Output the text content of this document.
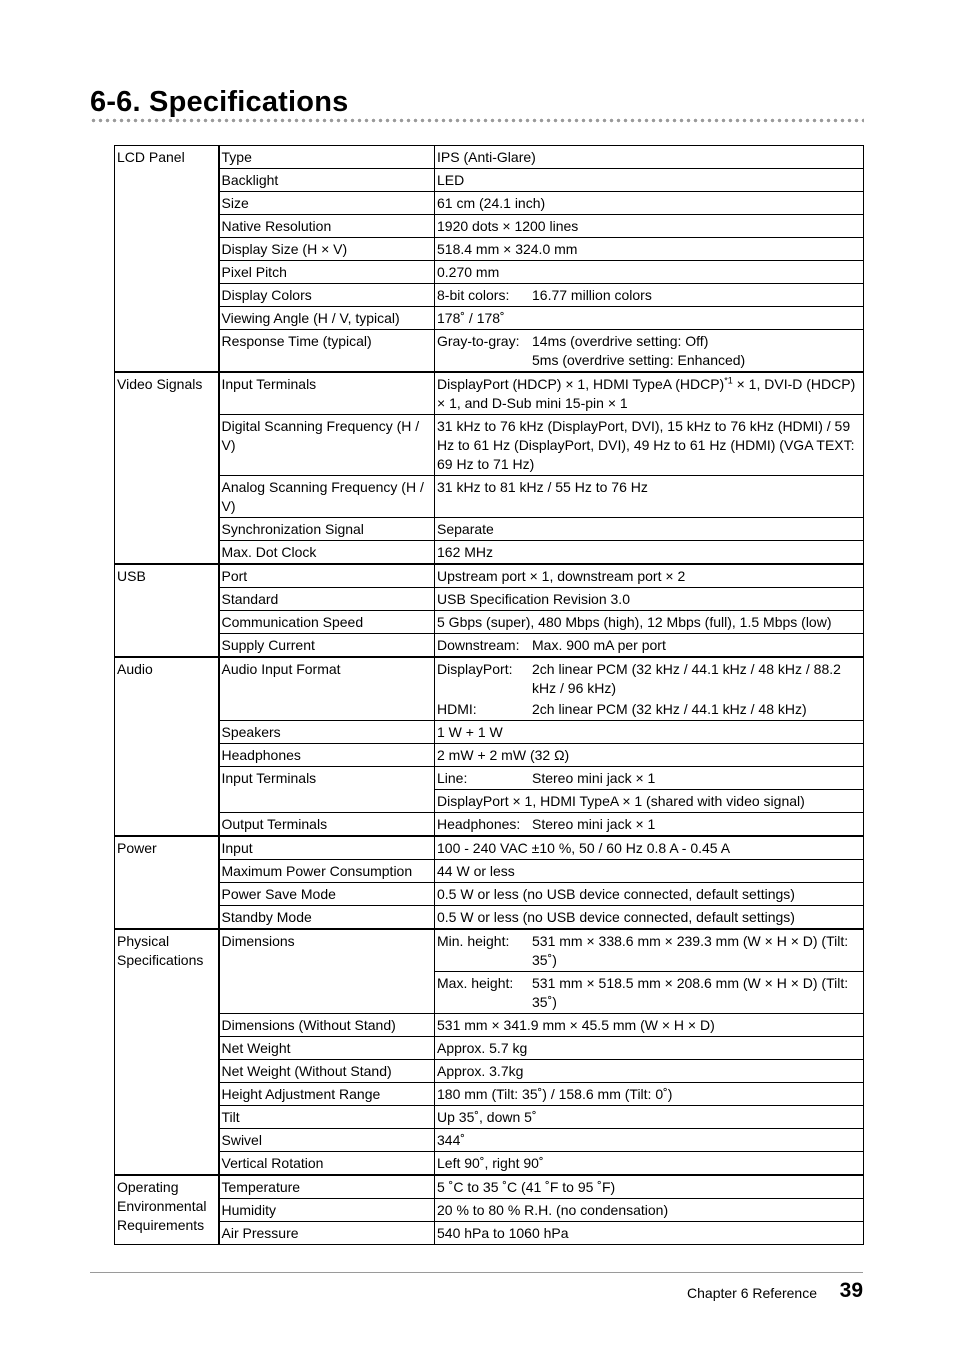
6-6. Specifications
LCD Panel	Type	IPS (Anti-Glare)
	Backlight	LED
	Size	61 cm (24.1 inch)
	Native Resolution	1920 dots × 1200 lines
	Display Size (H × V)	518.4 mm × 324.0 mm
	Pixel Pitch	0.270 mm
	Display Colors	8-bit colors: 16.77 million colors

	Viewing Angle (H / V, typical)	178˚ / 178˚
	Response Time (typical)	Gray-to-gray: 14ms (overdrive setting: Off)
5ms (overdrive setting: Enhanced)

Video Signals	Input Terminals	DisplayPort (HDCP) × 1, HDMI TypeA (HDCP)$^{*1}$ × 1, DVI-D (HDCP) × 1, and D-Sub mini 15-pin × 1
	Digital Scanning Frequency (H / V)	31 kHz to 76 kHz (DisplayPort, DVI), 15 kHz to 76 kHz (HDMI) / 59 Hz to 61 Hz (DisplayPort, DVI), 49 Hz to 61 Hz (HDMI) (VGA TEXT: 69 Hz to 71 Hz)
	Analog Scanning Frequency (H / V)	31 kHz to 81 kHz / 55 Hz to 76 Hz
	Synchronization Signal	Separate
	Max. Dot Clock	162 MHz
USB	Port	Upstream port × 1, downstream port × 2
	Standard	USB Specification Revision 3.0
	Communication Speed	5 Gbps (super), 480 Mbps (high), 12 Mbps (full), 1.5 Mbps (low)
	Supply Current	Downstream: Max. 900 mA per port

Audio	Audio Input Format	DisplayPort: 2ch linear PCM (32 kHz / 44.1 kHz / 48 kHz / 88.2 kHz / 96 kHz)
HDMI: 2ch linear PCM (32 kHz / 44.1 kHz / 48 kHz)

	Speakers	1 W + 1 W
	Headphones	2 mW + 2 mW (32 Ω)
	Input Terminals	Line: Stereo mini jack × 1

		DisplayPort × 1, HDMI TypeA × 1 (shared with video signal)
	Output Terminals	Headphones: Stereo mini jack × 1

Power	Input	100 - 240 VAC ±10 %, 50 / 60 Hz 0.8 A - 0.45 A
	Maximum Power Consumption	44 W or less
	Power Save Mode	0.5 W or less (no USB device connected, default settings)
	Standby Mode	0.5 W or less (no USB device connected, default settings)
Physical Specifications	Dimensions	Min. height: 531 mm × 338.6 mm × 239.3 mm (W × H × D) (Tilt: 35˚)

		Max. height: 531 mm × 518.5 mm × 208.6 mm (W × H × D) (Tilt: 35˚)

	Dimensions (Without Stand)	531 mm × 341.9 mm × 45.5 mm (W × H × D)
	Net Weight	Approx. 5.7 kg
	Net Weight (Without Stand)	Approx. 3.7kg
	Height Adjustment Range	180 mm (Tilt: 35˚) / 158.6 mm (Tilt: 0˚)
	Tilt	Up 35˚, down 5˚
	Swivel	344˚
	Vertical Rotation	Left 90˚, right 90˚
Operating Environmental Requirements	Temperature	5 ˚C to 35 ˚C (41 ˚F to 95 ˚F)
	Humidity	20 % to 80 % R.H. (no condensation)
	Air Pressure	540 hPa to 1060 hPa
Chapter 6 Reference 39
